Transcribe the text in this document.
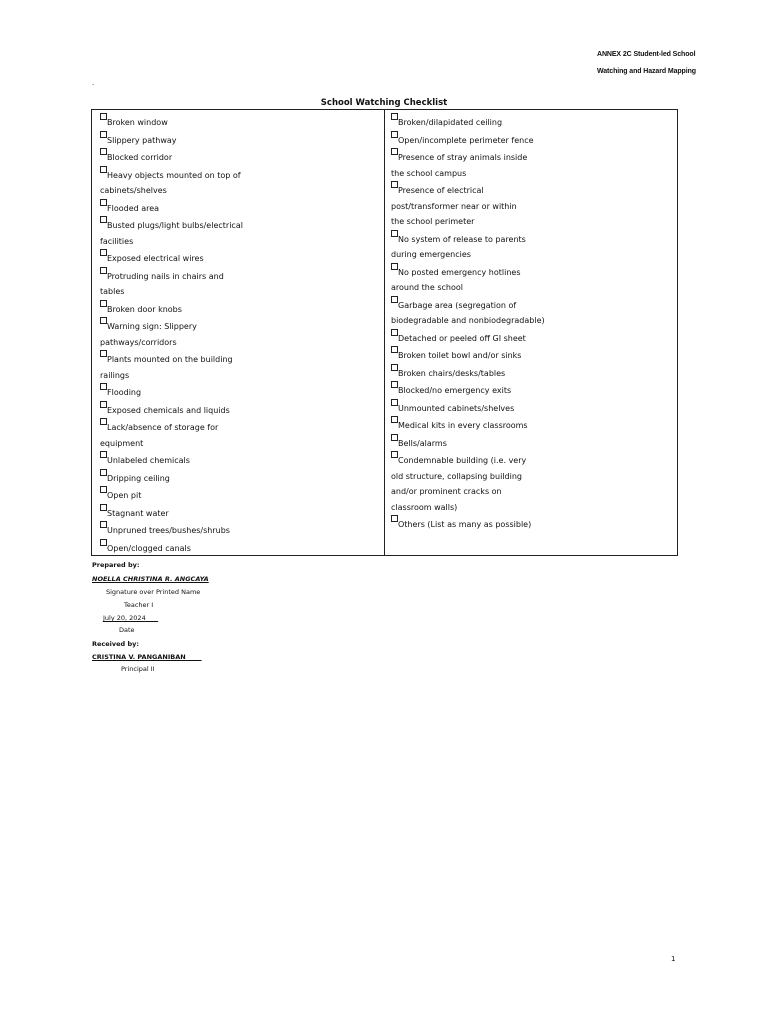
ANNEX 2C Student-led School
Watching and Hazard Mapping
.
School Watching Checklist
Broken window
Slippery pathway
Blocked corridor
Heavy objects mounted on top of
cabinets/shelves
Flooded area
Busted plugs/light bulbs/electrical
facilities
Exposed electrical wires
Protruding nails in chairs and
tables
Broken door knobs
Warning sign: Slippery
pathways/corridors
Plants mounted on the building
railings
Flooding
Exposed chemicals and liquids
Lack/absence of storage for
equipment
Unlabeled chemicals
Dripping ceiling
Open pit
Stagnant water
Unpruned trees/bushes/shrubs
Open/clogged canals
Broken/dilapidated ceiling
Open/incomplete perimeter fence
Presence of stray animals inside
the school campus
Presence of electrical
post/transformer near or within
the school perimeter
No system of release to parents
during emergencies
No posted emergency hotlines
around the school
Garbage area (segregation of
biodegradable and nonbiodegradable)
Detached or peeled off GI sheet
Broken toilet bowl and/or sinks
Broken chairs/desks/tables
Blocked/no emergency exits
Unmounted cabinets/shelves
Medical kits in every classrooms
Bells/alarms
Condemnable building (i.e. very
old structure, collapsing building
and/or prominent cracks on
classroom walls)
Others (List as many as possible)
Prepared by:
NOELLA CHRISTINA R. ANGCAYA
Signature over Printed Name
Teacher I
July 20, 2024
Date
Received by:
CRISTINA V. PANGANIBAN
Principal II
1
